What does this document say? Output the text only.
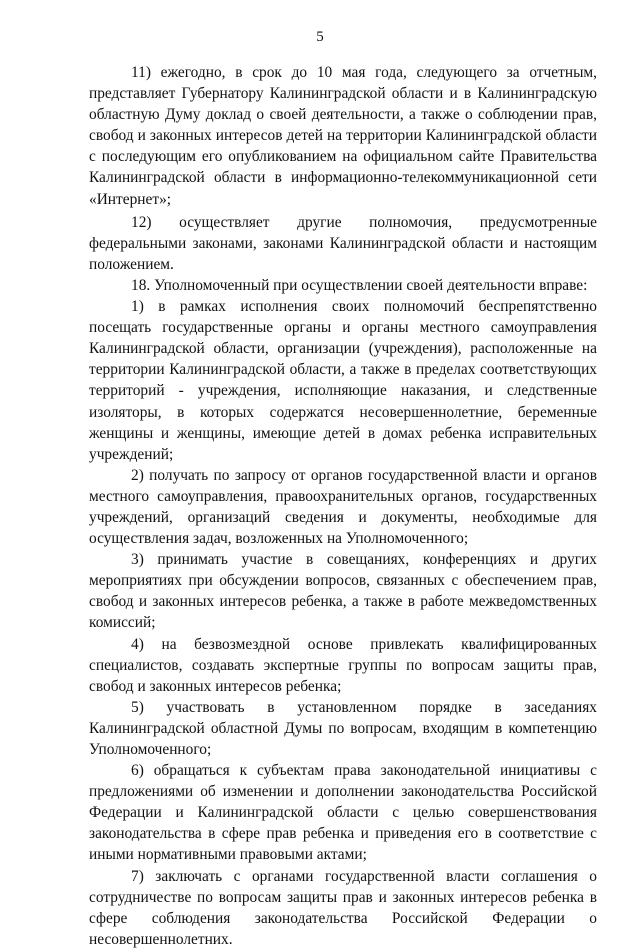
5

11) ежегодно, в срок до 10 мая года, следующего за отчетным, представляет Губернатору Калининградской области и в Калининградскую областную Думу доклад о своей деятельности, а также о соблюдении прав, свобод и законных интересов детей на территории Калининградской области с последующим его опубликованием на официальном сайте Правительства Калининградской области в информационно-телекоммуникационной сети «Интернет»;

12) осуществляет другие полномочия, предусмотренные федеральными законами, законами Калининградской области и настоящим положением.

18. Уполномоченный при осуществлении своей деятельности вправе:

1) в рамках исполнения своих полномочий беспрепятственно посещать государственные органы и органы местного самоуправления Калининградской области, организации (учреждения), расположенные на территории Калининградской области, а также в пределах соответствующих территорий - учреждения, исполняющие наказания, и следственные изоляторы, в которых содержатся несовершеннолетние, беременные женщины и женщины, имеющие детей в домах ребенка исправительных учреждений;

2) получать по запросу от органов государственной власти и органов местного самоуправления, правоохранительных органов, государственных учреждений, организаций сведения и документы, необходимые для осуществления задач, возложенных на Уполномоченного;

3) принимать участие в совещаниях, конференциях и других мероприятиях при обсуждении вопросов, связанных с обеспечением прав, свобод и законных интересов ребенка, а также в работе межведомственных комиссий;

4) на безвозмездной основе привлекать квалифицированных специалистов, создавать экспертные группы по вопросам защиты прав, свобод и законных интересов ребенка;

5) участвовать в установленном порядке в заседаниях Калининградской областной Думы по вопросам, входящим в компетенцию Уполномоченного;

6) обращаться к субъектам права законодательной инициативы с предложениями об изменении и дополнении законодательства Российской Федерации и Калининградской области с целью совершенствования законодательства в сфере прав ребенка и приведения его в соответствие с иными нормативными правовыми актами;

7) заключать с органами государственной власти соглашения о сотрудничестве по вопросам защиты прав и законных интересов ребенка в сфере соблюдения законодательства Российской Федерации о несовершеннолетних.
